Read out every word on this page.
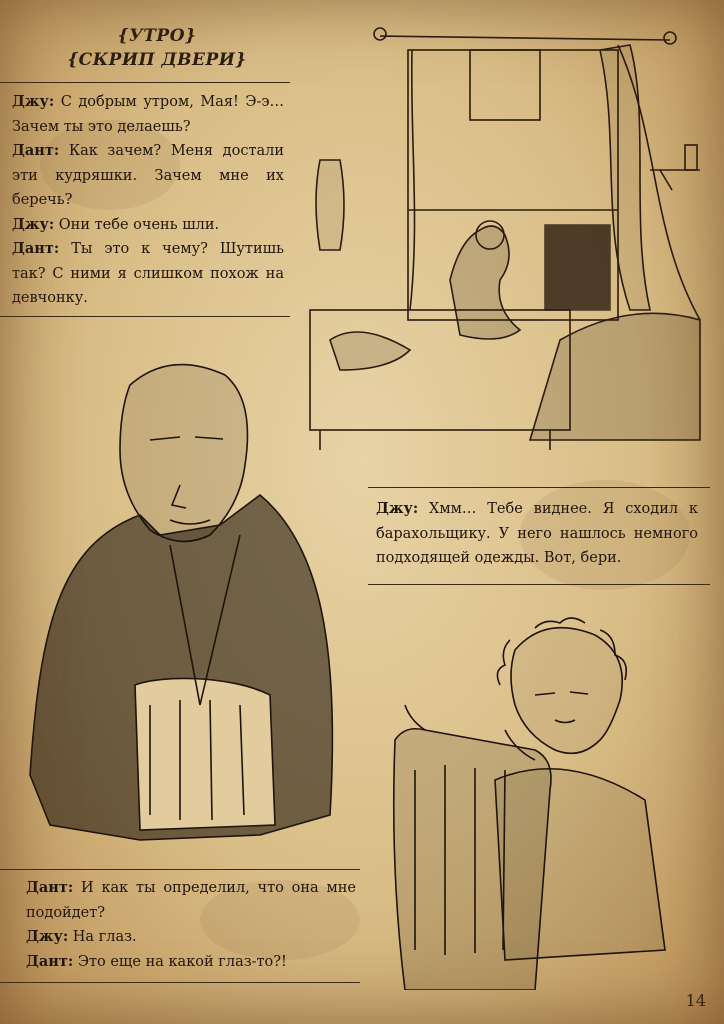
{УТРО}
{СКРИП ДВЕРИ}

Джу: С добрым утром, Мая! Э-э… Зачем ты это делаешь?

Дант: Как зачем? Меня достали эти кудряшки. Зачем мне их беречь?

Джу: Они тебе очень шли.

Дант: Ты это к чему? Шутишь так? С ними я слишком похож на девчонку.

Джу: Хмм… Тебе виднее. Я сходил к барахольщику. У него нашлось немного подходящей одежды. Вот, бери.

Дант: И как ты определил, что она мне подойдет?

Джу: На глаз.

Дант: Это еще на какой глаз-то?!

14
